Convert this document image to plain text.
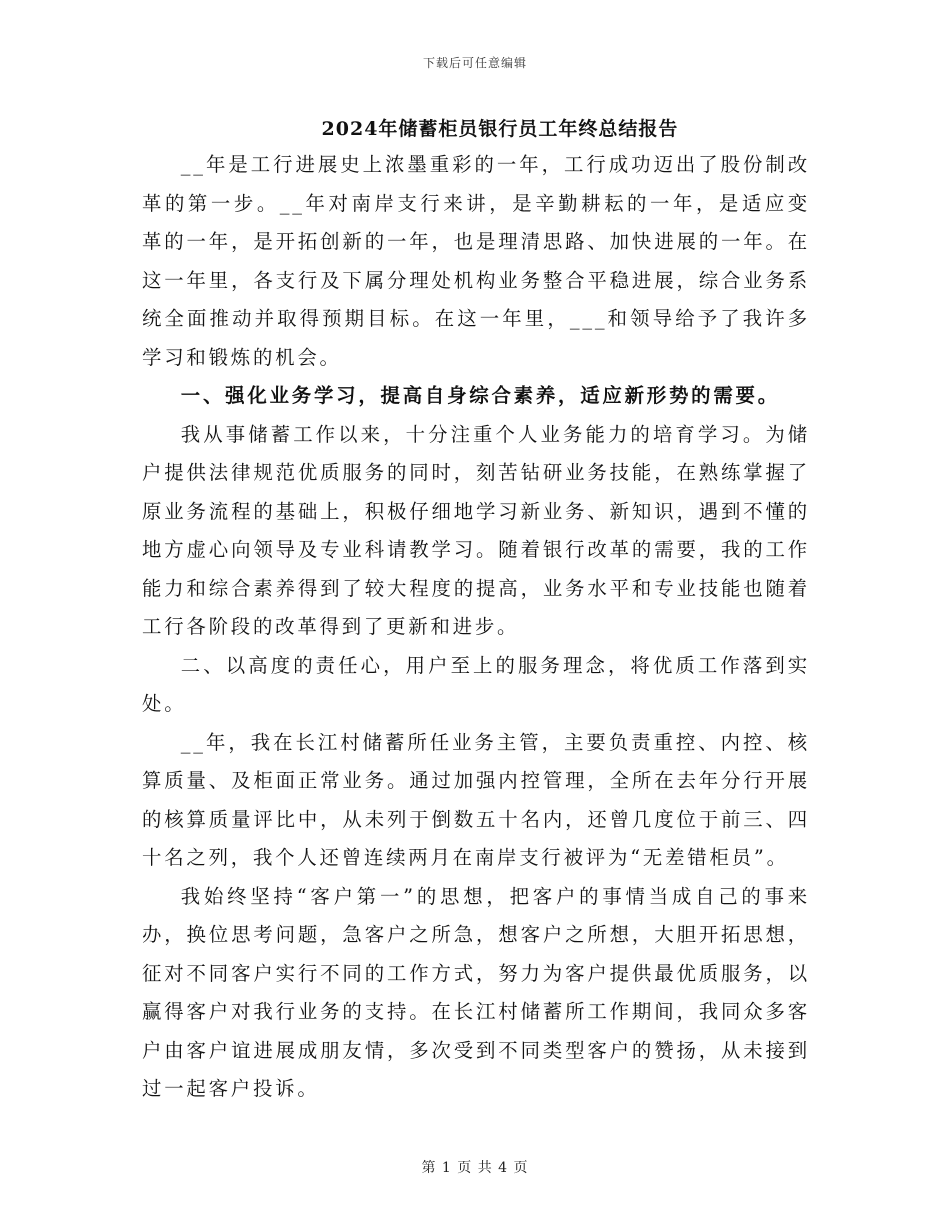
下载后可任意编辑
2024年储蓄柜员银行员工年终总结报告

__年是工行进展史上浓墨重彩的一年，工行成功迈出了股份制改革的第一步。__年对南岸支行来讲，是辛勤耕耘的一年，是适应变革的一年，是开拓创新的一年，也是理清思路、加快进展的一年。在这一年里，各支行及下属分理处机构业务整合平稳进展，综合业务系统全面推动并取得预期目标。在这一年里，___和领导给予了我许多学习和锻炼的机会。

一、强化业务学习，提高自身综合素养，适应新形势的需要。

我从事储蓄工作以来，十分注重个人业务能力的培育学习。为储户提供法律规范优质服务的同时，刻苦钻研业务技能，在熟练掌握了原业务流程的基础上，积极仔细地学习新业务、新知识，遇到不懂的地方虚心向领导及专业科请教学习。随着银行改革的需要，我的工作能力和综合素养得到了较大程度的提高，业务水平和专业技能也随着工行各阶段的改革得到了更新和进步。

二、以高度的责任心，用户至上的服务理念，将优质工作落到实处。

__年，我在长江村储蓄所任业务主管，主要负责重控、内控、核算质量、及柜面正常业务。通过加强内控管理，全所在去年分行开展的核算质量评比中，从未列于倒数五十名内，还曾几度位于前三、四十名之列，我个人还曾连续两月在南岸支行被评为“无差错柜员”。

我始终坚持“客户第一”的思想，把客户的事情当成自己的事来办，换位思考问题，急客户之所急，想客户之所想，大胆开拓思想，征对不同客户实行不同的工作方式，努力为客户提供最优质服务，以赢得客户对我行业务的支持。在长江村储蓄所工作期间，我同众多客户由客户谊进展成朋友情，多次受到不同类型客户的赞扬，从未接到过一起客户投诉。

第 1 页 共 4 页
